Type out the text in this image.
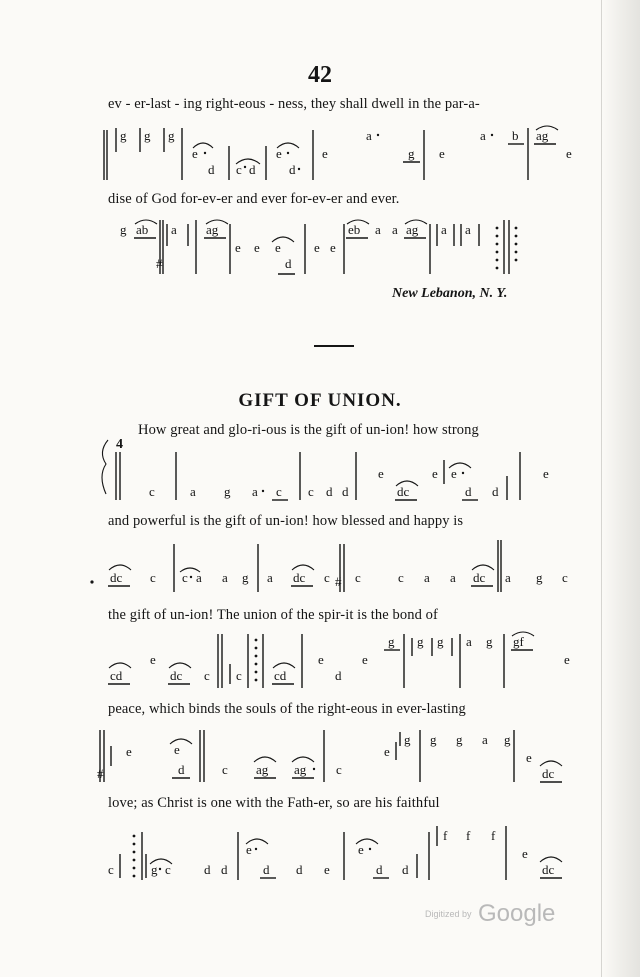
42
ev - er-last - ing right-eous - ness, they shall dwell in the par-a-
g g g
e
d c d
e
d
e
a
g e
a b ag
e
dise of God for-ev-er and ever for-ev-er and ever.
g ab
#
a ag
e e e
d
e e
eb a a ag a a
New Lebanon, N. Y.
GIFT OF UNION.
How great and glo-ri-ous is the gift of un-ion! how strong
4
c	a g a c c d d
e
dc
e e
d d
e
and powerful is the gift of un-ion! how blessed and happy is
dc c c a a g a dc c # c	c a a dc a g c
the gift of un-ion! The union of the spir-it is the bond of
cd
e
dc c c cd
e
d
e
g g g a g gf
e
peace, which binds the souls of the right-eous in ever-lasting
#
e	e
d	c ag ag c
e
g g g a g
e
dc
love; as Christ is one with the Fath-er, so are his faithful
c	g c	d d
e
d d e
e
d d
f f f
e
dc
Digitized by Google
